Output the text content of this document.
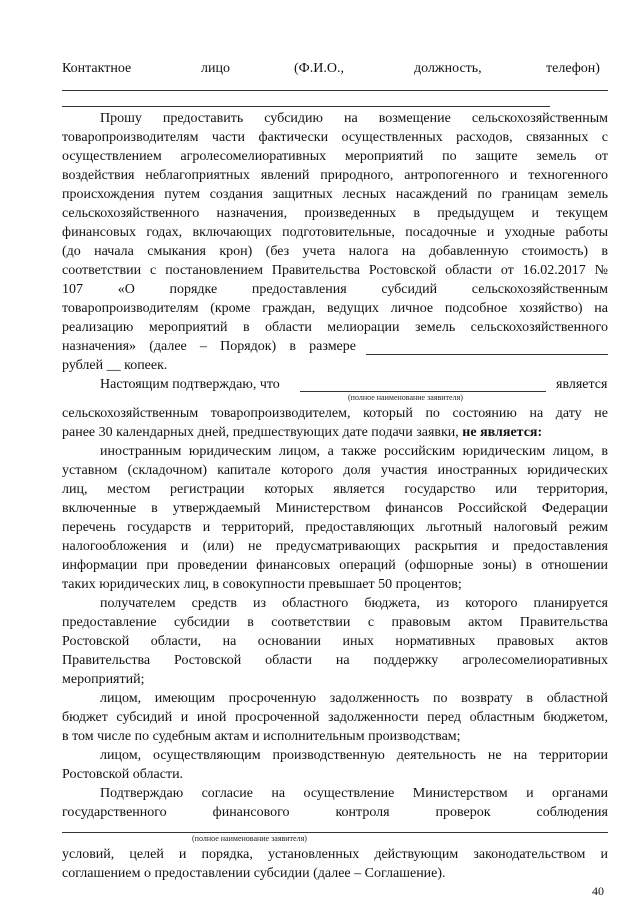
Контактное	лицо	(Ф.И.О.,	должность,	телефон)
Прошу предоставить субсидию на возмещение сельскохозяйственным
товаропроизводителям части фактически осуществленных расходов, связанных с
осуществлением агролесомелиоративных мероприятий по защите земель от
воздействия неблагоприятных явлений природного, антропогенного и техногенного
происхождения путем создания защитных лесных насаждений по границам земель
сельскохозяйственного назначения, произведенных в предыдущем и текущем
финансовых годах, включающих подготовительные, посадочные и уходные работы
(до начала смыкания крон) (без учета налога на добавленную стоимость) в
соответствии с постановлением Правительства Ростовской области от 16.02.2017 №
107 «О порядке предоставления субсидий сельскохозяйственным
товаропроизводителям (кроме граждан, ведущих личное подсобное хозяйство) на
реализацию мероприятий в области мелиорации земель сельскохозяйственного
назначения» (далее – Порядок) в размере
рублей __ копеек.
Настоящим подтверждаю, что	является
(полное наименование заявителя)
сельскохозяйственным товаропроизводителем, который по состоянию на дату не
ранее 30 календарных дней, предшествующих дате подачи заявки, не является:
иностранным юридическим лицом, а также российским юридическим лицом, в
уставном (складочном) капитале которого доля участия иностранных юридических
лиц, местом регистрации которых является государство или территория,
включенные в утверждаемый Министерством финансов Российской Федерации
перечень государств и территорий, предоставляющих льготный налоговый режим
налогообложения и (или) не предусматривающих раскрытия и предоставления
информации при проведении финансовых операций (офшорные зоны) в отношении
таких юридических лиц, в совокупности превышает 50 процентов;
получателем средств из областного бюджета, из которого планируется
предоставление субсидии в соответствии с правовым актом Правительства
Ростовской области, на основании иных нормативных правовых актов
Правительства Ростовской области на поддержку агролесомелиоративных
мероприятий;
лицом, имеющим просроченную задолженность по возврату в областной
бюджет субсидий и иной просроченной задолженности перед областным бюджетом,
в том числе по судебным актам и исполнительным производствам;
лицом, осуществляющим производственную деятельность не на территории
Ростовской области.
Подтверждаю согласие на осуществление Министерством и органами
государственного финансового контроля проверок соблюдения
(полное наименование заявителя)
условий, целей и порядка, установленных действующим законодательством и
соглашением о предоставлении субсидии (далее – Соглашение).
40
